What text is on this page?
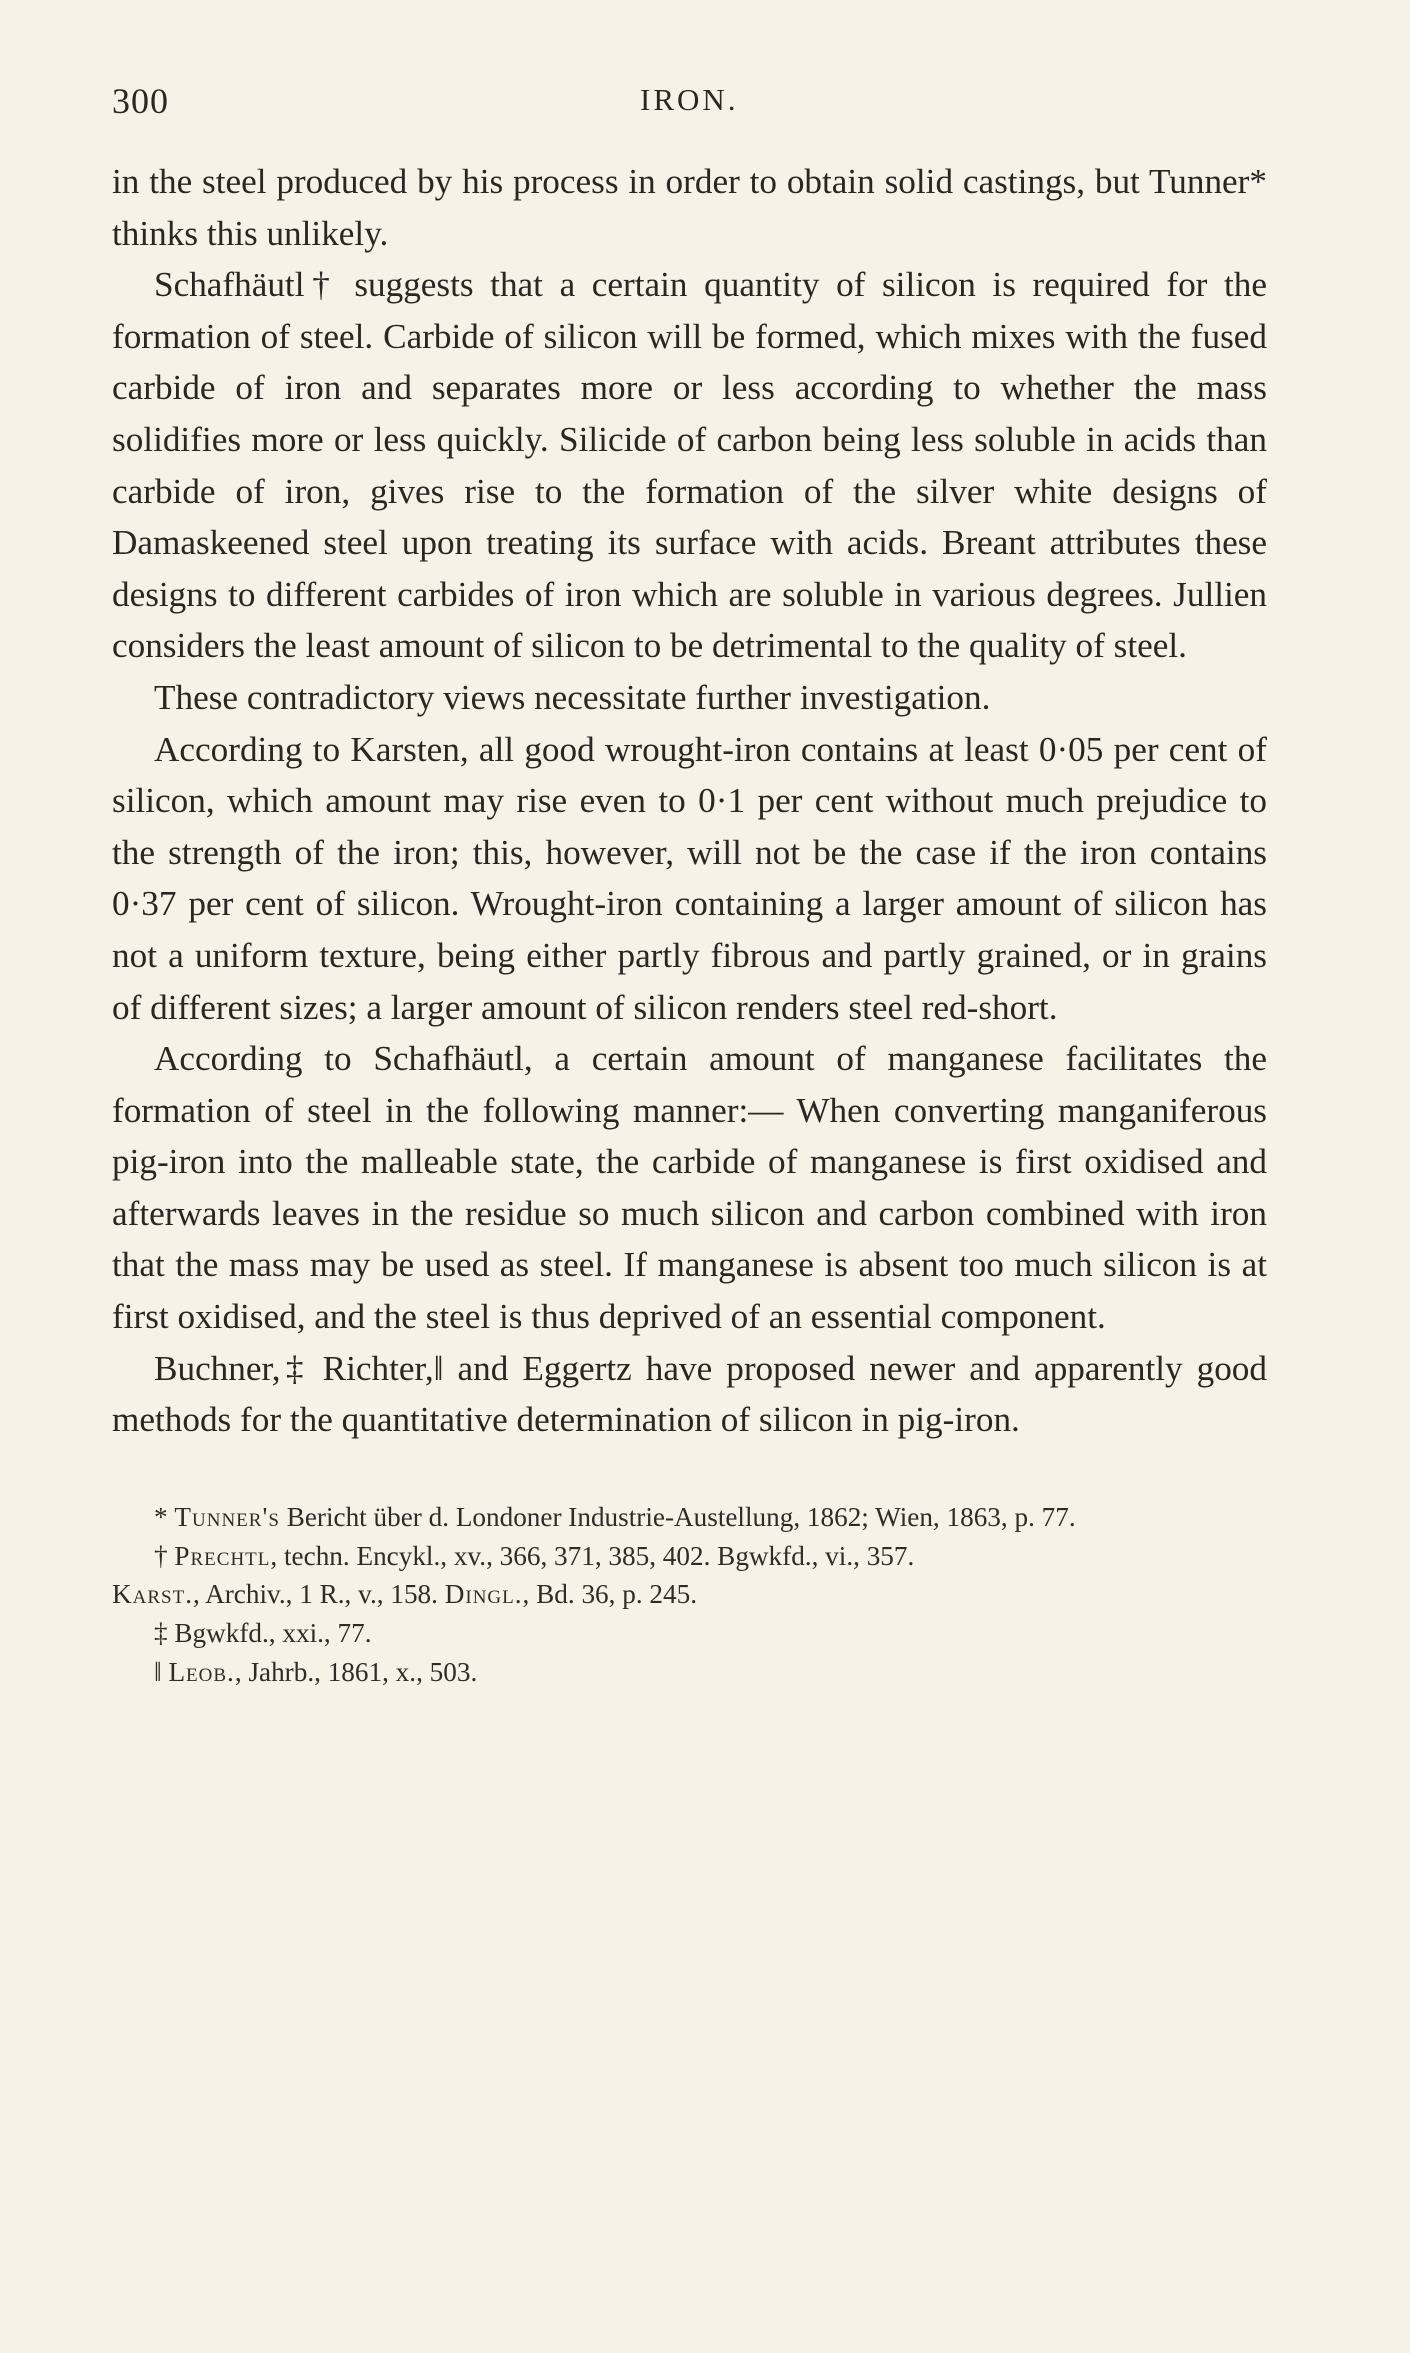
300	IRON.

in the steel produced by his process in order to obtain solid castings, but Tunner* thinks this unlikely.

Schafhäutl† suggests that a certain quantity of silicon is required for the formation of steel. Carbide of silicon will be formed, which mixes with the fused carbide of iron and separates more or less according to whether the mass solidifies more or less quickly. Silicide of carbon being less soluble in acids than carbide of iron, gives rise to the formation of the silver white designs of Damaskeened steel upon treating its surface with acids. Breant attributes these designs to different carbides of iron which are soluble in various degrees. Jullien considers the least amount of silicon to be detrimental to the quality of steel.

These contradictory views necessitate further investigation.

According to Karsten, all good wrought-iron contains at least 0·05 per cent of silicon, which amount may rise even to 0·1 per cent without much prejudice to the strength of the iron; this, however, will not be the case if the iron contains 0·37 per cent of silicon. Wrought-iron containing a larger amount of silicon has not a uniform texture, being either partly fibrous and partly grained, or in grains of different sizes; a larger amount of silicon renders steel red-short.

According to Schafhäutl, a certain amount of manganese facilitates the formation of steel in the following manner:— When converting manganiferous pig-iron into the malleable state, the carbide of manganese is first oxidised and afterwards leaves in the residue so much silicon and carbon combined with iron that the mass may be used as steel. If manganese is absent too much silicon is at first oxidised, and the steel is thus deprived of an essential component.

Buchner,‡ Richter,‖ and Eggertz have proposed newer and apparently good methods for the quantitative determination of silicon in pig-iron.

* Tunner's Bericht über d. Londoner Industrie-Austellung, 1862; Wien, 1863, p. 77.

† Prechtl, techn. Encykl., xv., 366, 371, 385, 402. Bgwkfd., vi., 357.

Karst., Archiv., 1 R., v., 158. Dingl., Bd. 36, p. 245.

‡ Bgwkfd., xxi., 77.

‖ Leob., Jahrb., 1861, x., 503.
